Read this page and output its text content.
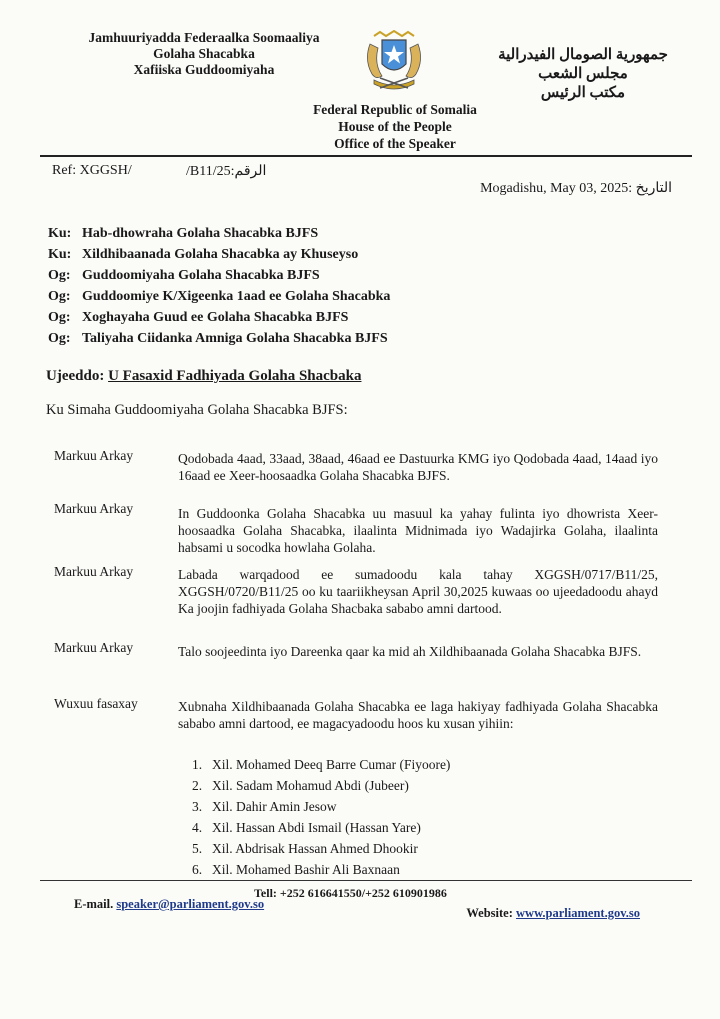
Jamhuuriyadda Federaalka Soomaaliya
Golaha Shacabka
Xafiiska Guddoomiyaha
جمهورية الصومال الفيدرالية
مجلس الشعب
مكتب الرئيس
Federal Republic of Somalia
House of the People
Office of the Speaker
Ref: XGGSH/	/B11/25:الرقم
Mogadishu, May 03, 2025: التاريخ
Ku: Hab-dhowraha Golaha Shacabka BJFS
Ku: Xildhibaanada Golaha Shacabka ay Khuseyso
Og: Guddoomiyaha Golaha Shacabka BJFS
Og: Guddoomiye K/Xigeenka 1aad ee Golaha Shacabka
Og: Xoghayaha Guud ee Golaha Shacabka BJFS
Og: Taliyaha Ciidanka Amniga Golaha Shacabka BJFS
Ujeeddo: U Fasaxid Fadhiyada Golaha Shacbaka
Ku Simaha Guddoomiyaha Golaha Shacabka BJFS:
Markuu Arkay	Qodobada 4aad, 33aad, 38aad, 46aad ee Dastuurka KMG iyo Qodobada 4aad, 14aad iyo 16aad ee Xeer-hoosaadka Golaha Shacabka BJFS.
Markuu Arkay	In Guddoonka Golaha Shacabka uu masuul ka yahay fulinta iyo dhowrista Xeer-hoosaadka Golaha Shacabka, ilaalinta Midnimada iyo Wadajirka Golaha, ilaalinta habsami u socodka howlaha Golaha.
Markuu Arkay	Labada warqadood ee sumadoodu kala tahay XGGSH/0717/B11/25, XGGSH/0720/B11/25 oo ku taariikheysan April 30,2025 kuwaas oo ujeedadoodu ahayd Ka joojin fadhiyada Golaha Shacbaka sababo amni dartood.
Markuu Arkay	Talo soojeedinta iyo Dareenka qaar ka mid ah Xildhibaanada Golaha Shacabka BJFS.
Wuxuu fasaxay	Xubnaha Xildhibaanada Golaha Shacabka ee laga hakiyay fadhiyada Golaha Shacabka sababo amni dartood, ee magacyadoodu hoos ku xusan yihiin:
1. Xil. Mohamed Deeq Barre Cumar (Fiyoore)
2. Xil. Sadam Mohamud Abdi (Jubeer)
3. Xil. Dahir Amin Jesow
4. Xil. Hassan Abdi Ismail (Hassan Yare)
5. Xil. Abdrisak Hassan Ahmed Dhookir
6. Xil. Mohamed Bashir Ali Baxnaan
Tell: +252 616641550/+252 610901986
E-mail. speaker@parliament.gov.so
Website: www.parliament.gov.so
